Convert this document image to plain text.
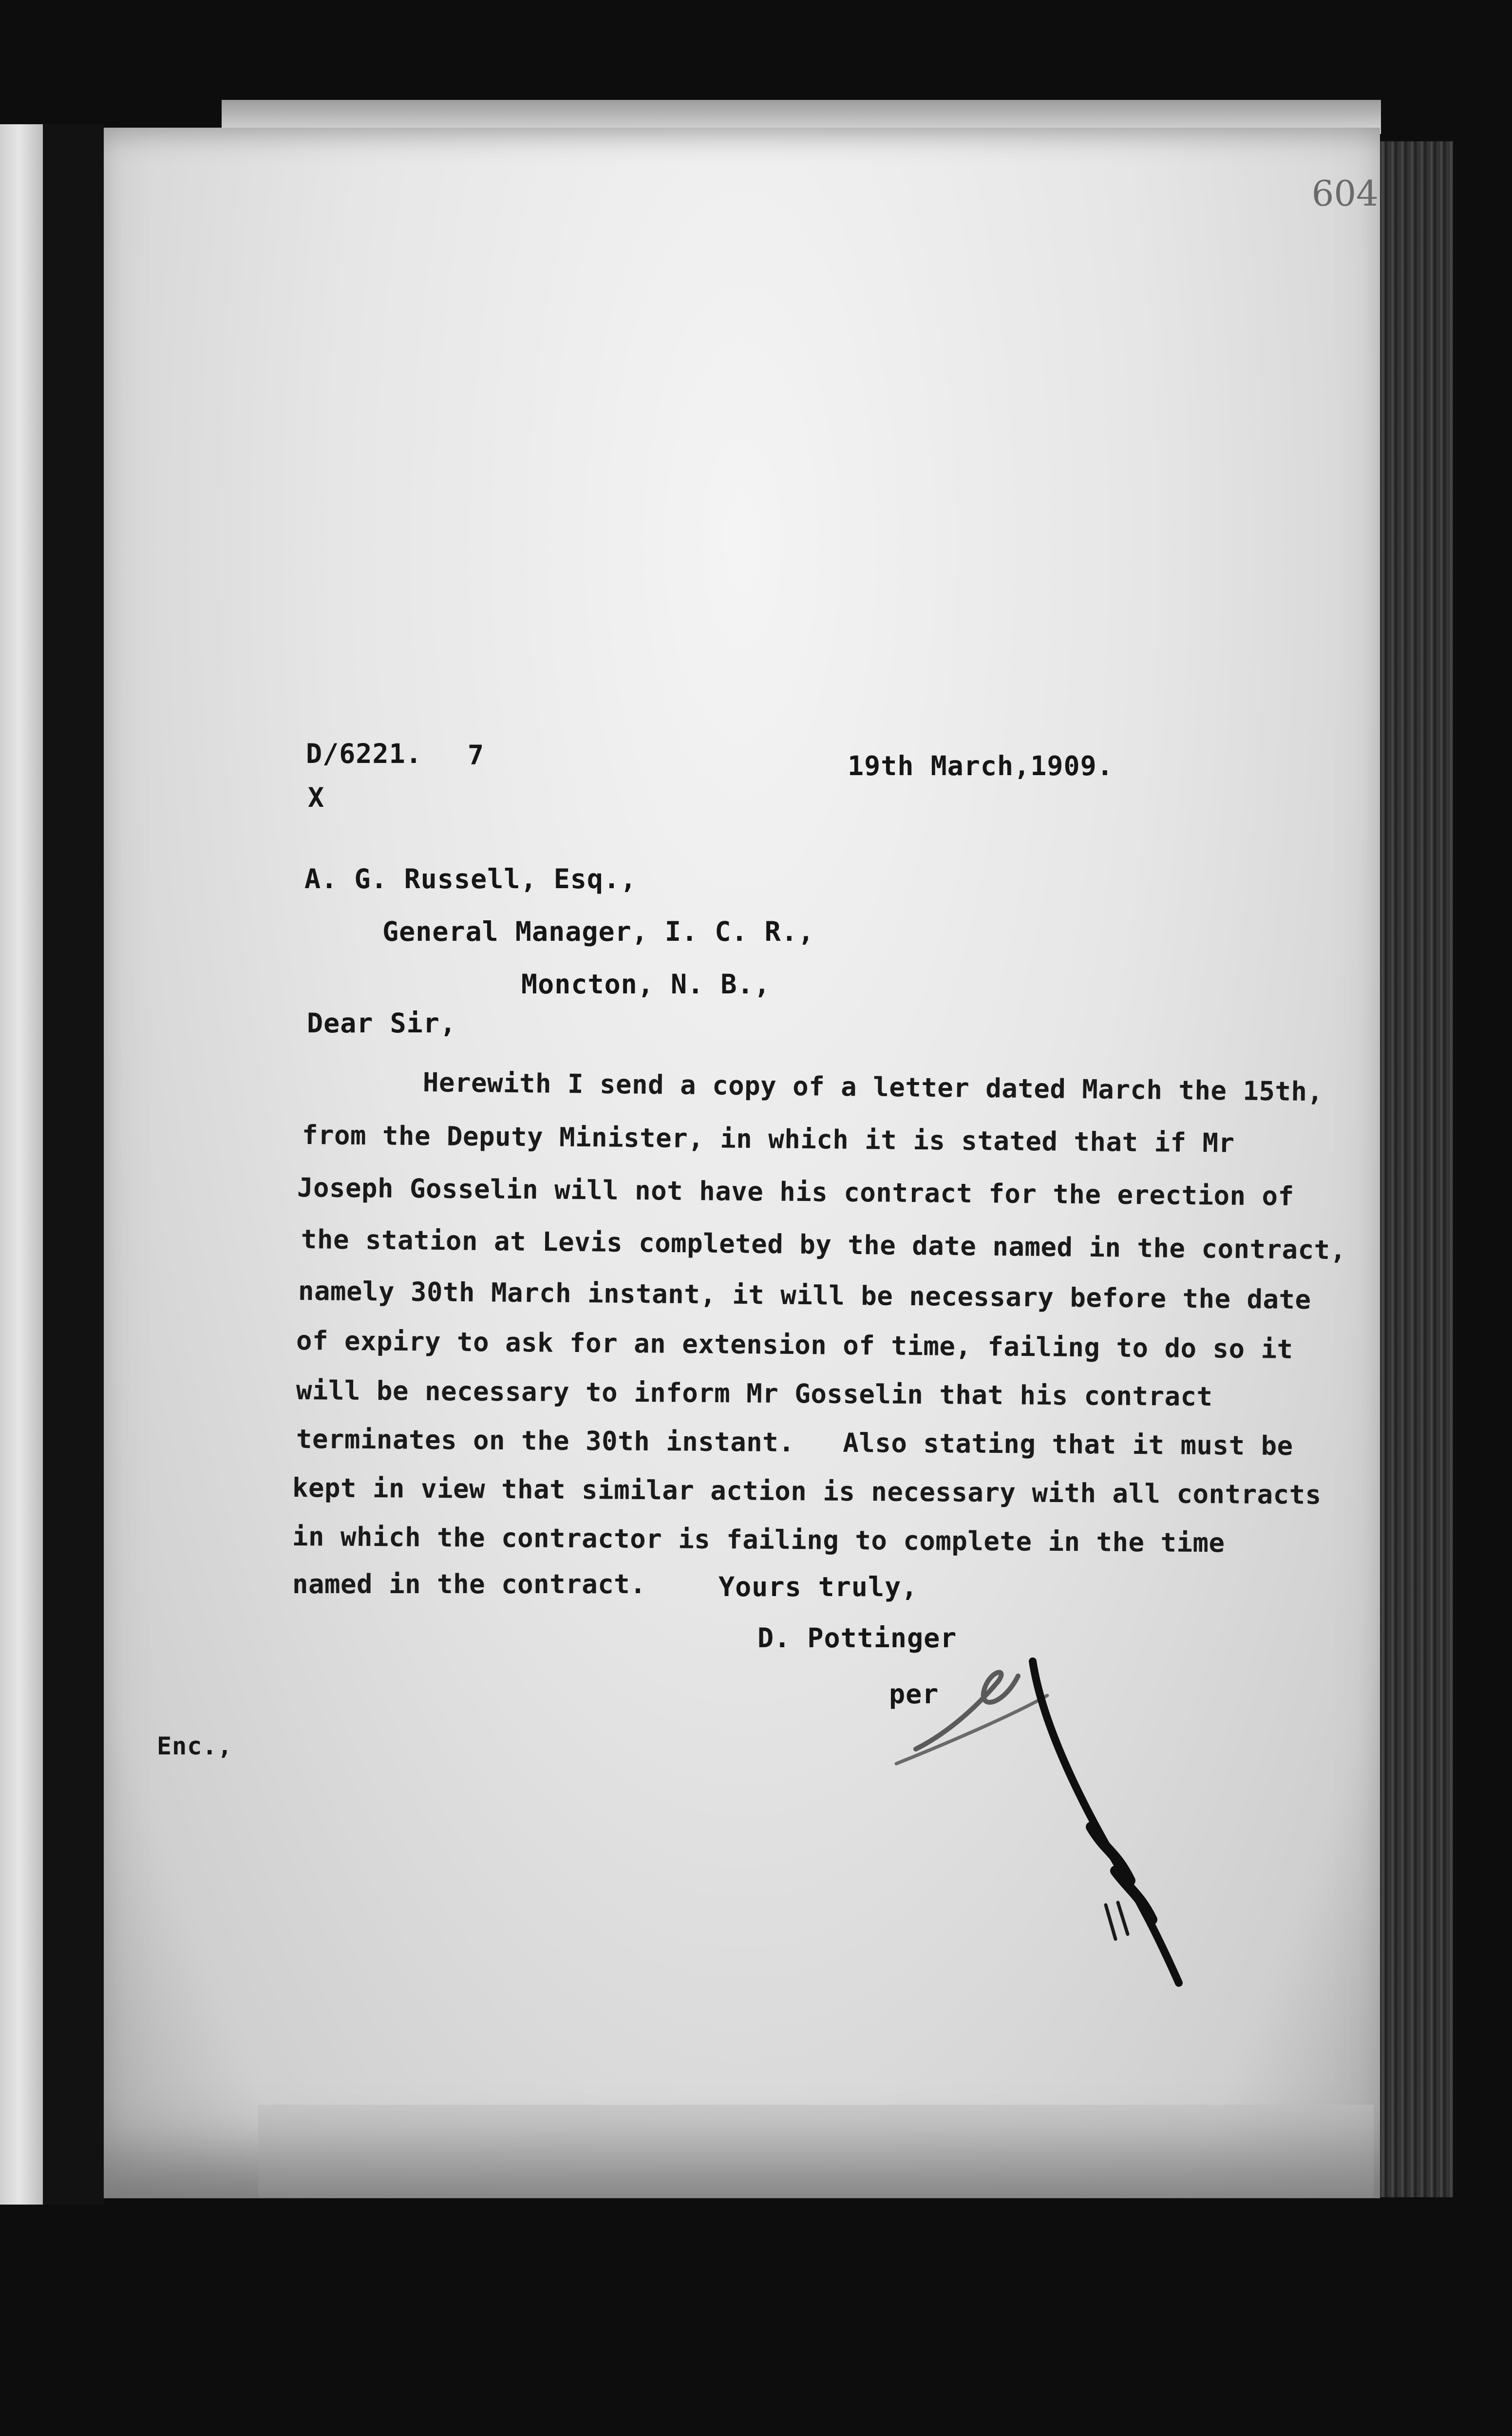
604
D/6221. 7
X
19th March,1909.
A. G. Russell, Esq.,
General Manager, I. C. R.,
Moncton, N. B.,
Dear Sir,
Herewith I send a copy of a letter dated March the 15th,
from the Deputy Minister, in which it is stated that if Mr
Joseph Gosselin will not have his contract for the erection of
the station at Levis completed by the date named in the contract,
namely 30th March instant, it will be necessary before the date
of expiry to ask for an extension of time, failing to do so it
will be necessary to inform Mr Gosselin that his contract
terminates on the 30th instant.   Also stating that it must be
kept in view that similar action is necessary with all contracts
in which the contractor is failing to complete in the time
named in the contract.	Yours truly,
D. Pottinger
per
Enc.,
